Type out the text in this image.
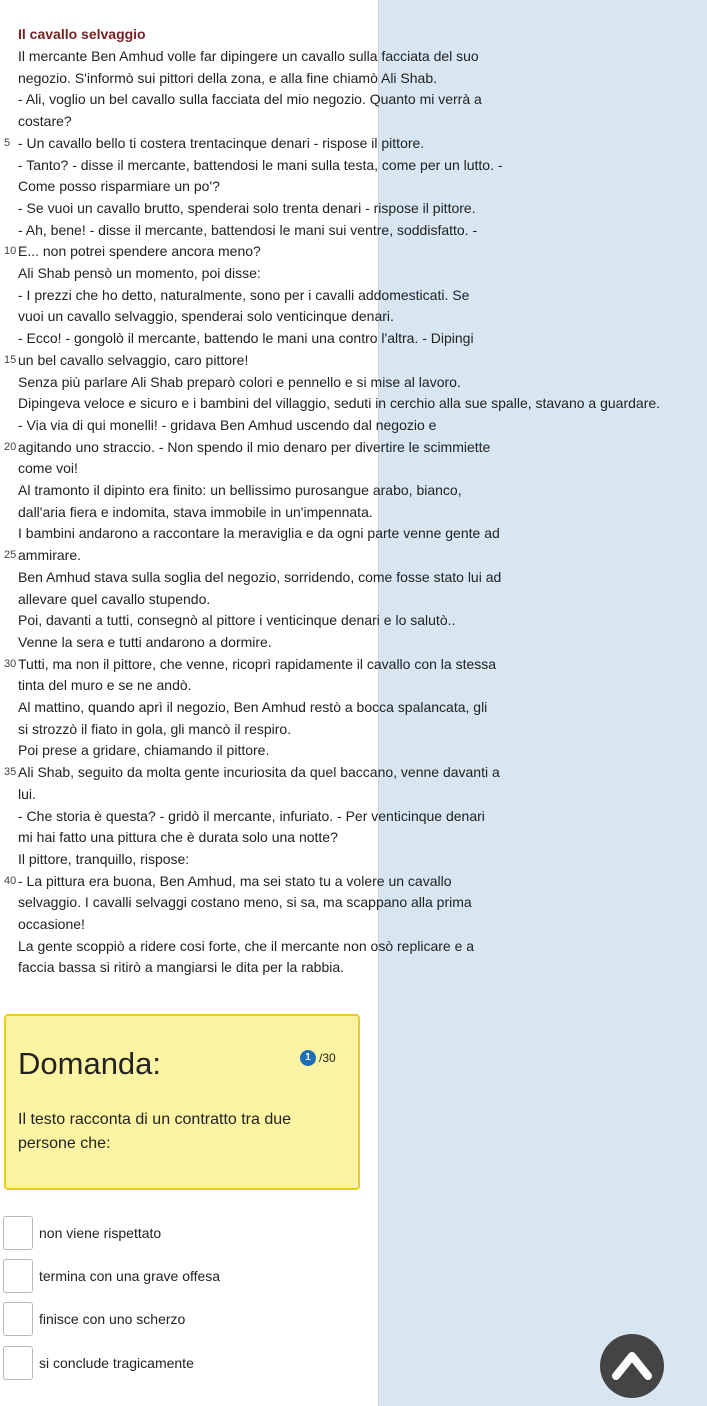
Il cavallo selvaggio
Il mercante Ben Amhud volle far dipingere un cavallo sulla facciata del suo
negozio. S'informò sui pittori della zona, e alla fine chiamò Ali Shab.
- Ali, voglio un bel cavallo sulla facciata del mio negozio. Quanto mi verrà a
costare?
- Un cavallo bello ti costera trentacinque denari - rispose il pittore.
- Tanto? - disse il mercante, battendosi le mani sulla testa, come per un lutto. -
Come posso risparmiare un po'?
- Se vuoi un cavallo brutto, spenderai solo trenta denari - rispose il pittore.
- Ah, bene! - disse il mercante, battendosi le mani sui ventre, soddisfatto. -
E... non potrei spendere ancora meno?
Ali Shab pensò un momento, poi disse:
- I prezzi che ho detto, naturalmente, sono per i cavalli addomesticati. Se
vuoi un cavallo selvaggio, spenderai solo venticinque denari.
- Ecco! - gongolò il mercante, battendo le mani una contro l'altra. - Dipingi
un bel cavallo selvaggio, caro pittore!
Senza più parlare Ali Shab preparò colori e pennello e si mise al lavoro.
Dipingeva veloce e sicuro e i bambini del villaggio, seduti in cerchio alla sue spalle, stavano a guardare.
- Via via di qui monelli! - gridava Ben Amhud uscendo dal negozio e
agitando uno straccio. - Non spendo il mio denaro per divertire le scimmiette
come voi!
Al tramonto il dipinto era finito: un bellissimo purosangue arabo, bianco,
dall'aria fiera e indomita, stava immobile in un'impennata.
I bambini andarono a raccontare la meraviglia e da ogni parte venne gente ad
ammirare.
Ben Amhud stava sulla soglia del negozio, sorridendo, come fosse stato lui ad
allevare quel cavallo stupendo.
Poi, davanti a tutti, consegnò al pittore i venticinque denari e lo salutò..
Venne la sera e tutti andarono a dormire.
Tutti, ma non il pittore, che venne, ricoprì rapidamente il cavallo con la stessa
tinta del muro e se ne andò.
Al mattino, quando aprì il negozio, Ben Amhud restò a bocca spalancata, gli
si strozzò il fiato in gola, gli mancò il respiro.
Poi prese a gridare, chiamando il pittore.
Ali Shab, seguito da molta gente incuriosita da quel baccano, venne davanti a
lui.
- Che storia è questa? - gridò il mercante, infuriato. - Per venticinque denari
mi hai fatto una pittura che è durata solo una notte?
Il pittore, tranquillo, rispose:
- La pittura era buona, Ben Amhud, ma sei stato tu a volere un cavallo
selvaggio. I cavalli selvaggi costano meno, si sa, ma scappano alla prima
occasione!
La gente scoppiò a ridere cosi forte, che il mercante non osò replicare e a
faccia bassa si ritirò a mangiarsi le dita per la rabbia.
5
10
15
20
25
30
35
40
Domanda:	1 /30
Il testo racconta di un contratto tra due
persone che:
non viene rispettato
termina con una grave offesa
finisce con uno scherzo
si conclude tragicamente
